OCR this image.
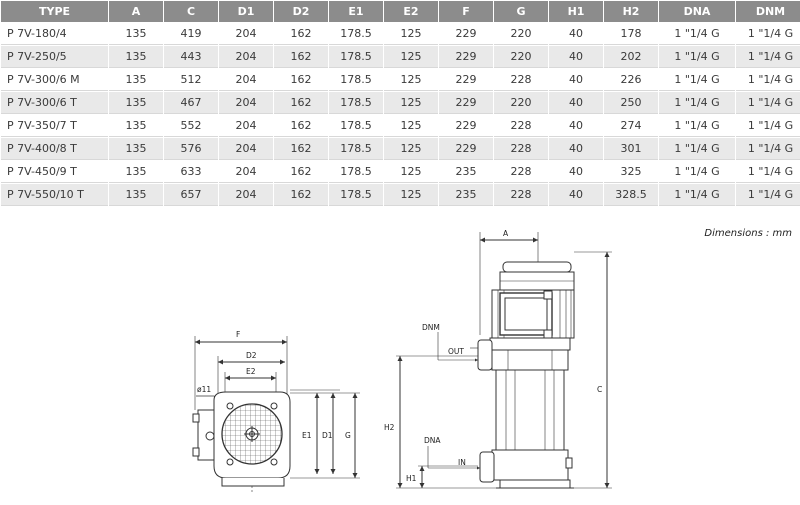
TYPE	A	C	D1	D2	E1	E2	F	G	H1	H2	DNA	DNM
P 7V-180/4	135	419	204	162	178.5	125	229	220	40	178	1 "1/4 G	1 "1/4 G
P 7V-250/5	135	443	204	162	178.5	125	229	220	40	202	1 "1/4 G	1 "1/4 G
P 7V-300/6 M	135	512	204	162	178.5	125	229	228	40	226	1 "1/4 G	1 "1/4 G
P 7V-300/6 T	135	467	204	162	178.5	125	229	220	40	250	1 "1/4 G	1 "1/4 G
P 7V-350/7 T	135	552	204	162	178.5	125	229	228	40	274	1 "1/4 G	1 "1/4 G
P 7V-400/8 T	135	576	204	162	178.5	125	229	228	40	301	1 "1/4 G	1 "1/4 G
P 7V-450/9 T	135	633	204	162	178.5	125	235	228	40	325	1 "1/4 G	1 "1/4 G
P 7V-550/10 T	135	657	204	162	178.5	125	235	228	40	328.5	1 "1/4 G	1 "1/4 G
Dimensions : mm
F
D2
E2
ø11
E1 D1 G
A
DNM
OUT
C
H2
DNA
IN
H1
